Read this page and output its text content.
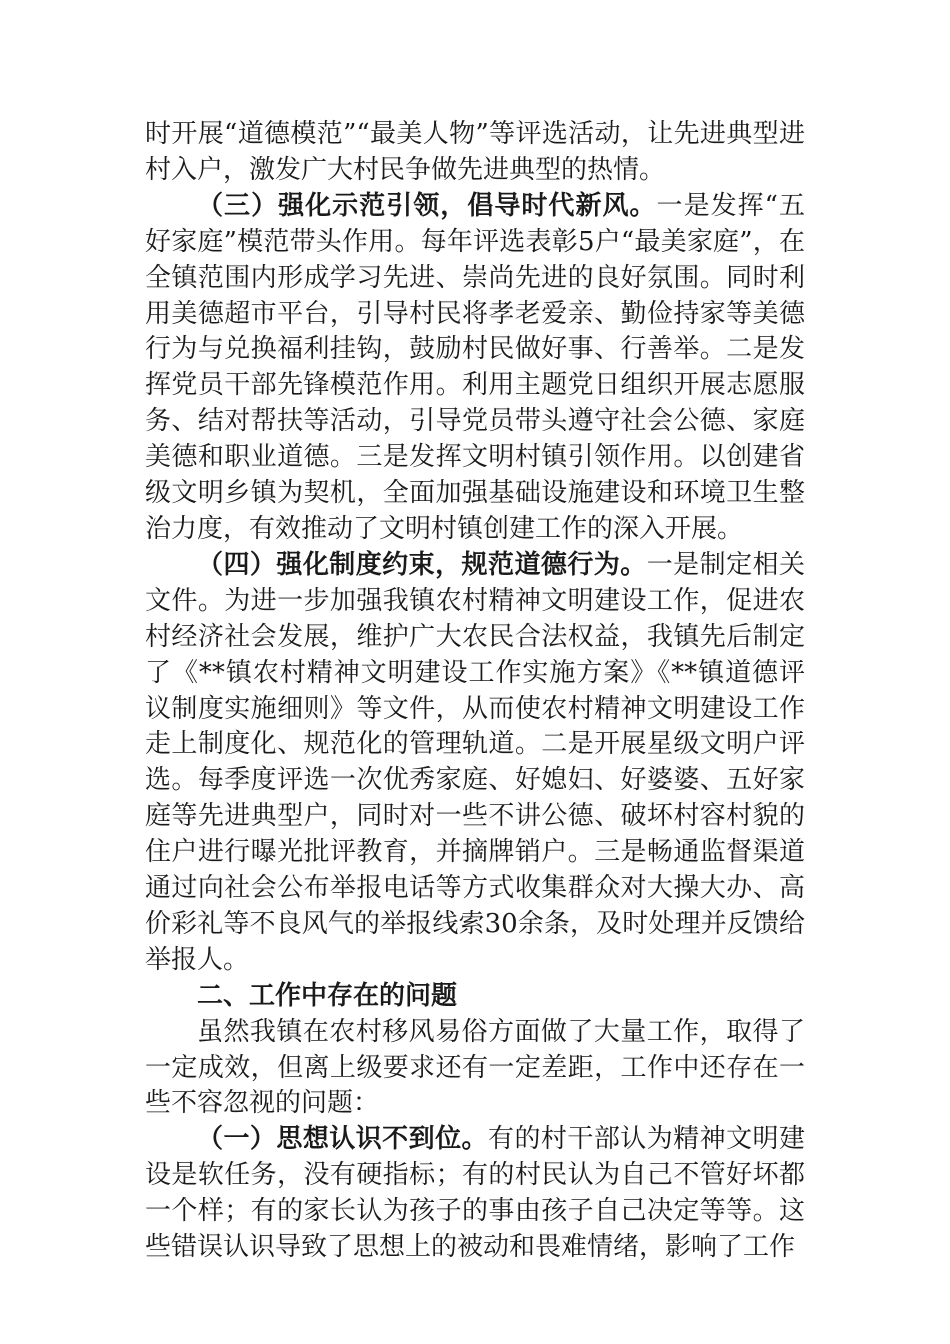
时开展“道德模范”“最美人物”等评选活动，让先进典型进村入户，激发广大村民争做先进典型的热情。

（三）强化示范引领，倡导时代新风。一是发挥“五好家庭”模范带头作用。每年评选表彰5户“最美家庭”，在全镇范围内形成学习先进、崇尚先进的良好氛围。同时利用美德超市平台，引导村民将孝老爱亲、勤俭持家等美德行为与兑换福利挂钩，鼓励村民做好事、行善举。二是发挥党员干部先锋模范作用。利用主题党日组织开展志愿服务、结对帮扶等活动，引导党员带头遵守社会公德、家庭美德和职业道德。三是发挥文明村镇引领作用。以创建省级文明乡镇为契机，全面加强基础设施建设和环境卫生整治力度，有效推动了文明村镇创建工作的深入开展。

（四）强化制度约束，规范道德行为。一是制定相关文件。为进一步加强我镇农村精神文明建设工作，促进农村经济社会发展，维护广大农民合法权益，我镇先后制定了《**镇农村精神文明建设工作实施方案》《**镇道德评议制度实施细则》等文件，从而使农村精神文明建设工作走上制度化、规范化的管理轨道。二是开展星级文明户评选。每季度评选一次优秀家庭、好媳妇、好婆婆、五好家庭等先进典型户，同时对一些不讲公德、破坏村容村貌的住户进行曝光批评教育，并摘牌销户。三是畅通监督渠道通过向社会公布举报电话等方式收集群众对大操大办、高价彩礼等不良风气的举报线索30余条，及时处理并反馈给举报人。

二、工作中存在的问题

虽然我镇在农村移风易俗方面做了大量工作，取得了一定成效，但离上级要求还有一定差距，工作中还存在一些不容忽视的问题：

（一）思想认识不到位。有的村干部认为精神文明建设是软任务，没有硬指标；有的村民认为自己不管好坏都一个样；有的家长认为孩子的事由孩子自己决定等等。这些错误认识导致了思想上的被动和畏难情绪，影响了工作
